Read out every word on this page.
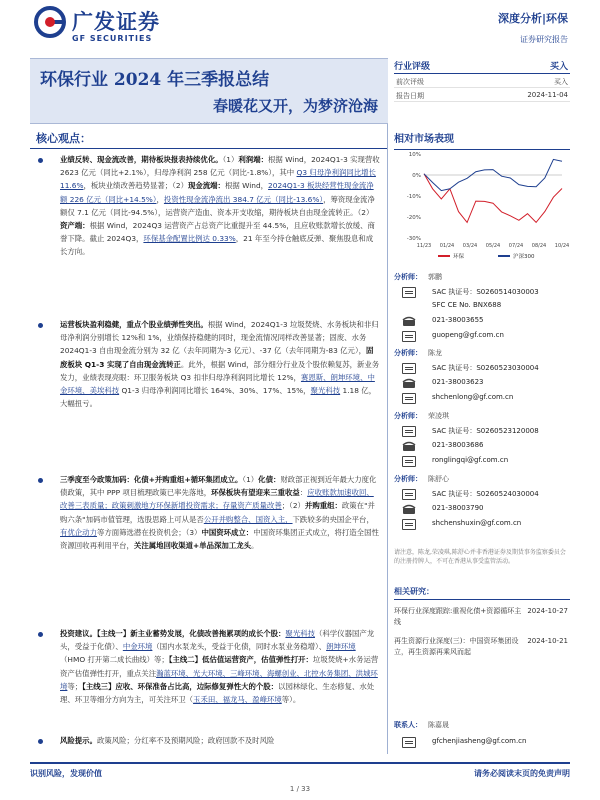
广发证券
GF SECURITIES
深度分析|环保
证券研究报告
环保行业 2024 年三季报总结
春暖花又开，为梦济沧海
行业评级	买入
前次评级	买入
报告日期	2024-11-04
核心观点：
业绩反转、现金流改善，期待板块报表持续优化。（1）利润端：根据 Wind，2024Q1-3 实现营收 2623 亿元（同比+2.1%），归母净利润 258 亿元（同比-1.8%），其中 Q3 归母净利润同比增长 11.6%，板块业绩改善趋势显著；（2）现金流端：根据 Wind，2024Q1-3 板块经营性现金流净额 226 亿元（同比+14.5%），投资性现金流净流出 384.7 亿元（同比-13.6%），筹资现金流净额仅 7.1 亿元（同比-94.5%），运营资产造血、资本开支收缩，期待板块自由现金流转正。（2）资产端：根据 Wind，2024Q3 运营资产占总资产比重提升至 44.5%，且应收账款增长放缓、商誉下降。截止 2024Q3，环保基金配置比例达 0.33%，21 年至今持仓触底反弹、聚焦股息和成长方向。
运营板块盈利稳健，重点个股业绩弹性突出。根据 Wind，2024Q1-3 垃圾焚烧、水务板块和非归母净利润分别增长 12%和 1%，业绩保持稳健的同时，现金流情况同样改善显著；固废、水务 2024Q1-3 自由现金流分别为 32 亿（去年同期为-3 亿元）、-37 亿（去年同期为-83 亿元），固废板块 Q1-3 实现了自由现金流转正。此外，根据 Wind，部分细分行业及个股依赖复苏，新业务发力，业绩表现亮眼：环卫服务板块 Q3 扣非归母净利润同比增长 12%，赛恩斯、朗坤环境、中金环境、美埃科技 Q1-3 归母净利润同比增长 164%、30%、17%、15%，聚光科技 1.18 亿，大幅扭亏。
三季度至今政策加码：化债+并购重组+循环集团成立。（1）化债：财政部正视到近年最大力度化债政策，其中 PPP 项目梳理政策已率先落地，环保板块有望迎来三重收益：应收账款加速收回、改善三表质量；政策刺激地方环保新增投资需求；存量资产质量改善；（2）并购重组：政策在"并购六条"加码市值管理，选股思路上可从是否公开并购整合、国资入主，下跌较多的央国企平台，有优企动力等方面筛选潜在投资机会；（3）中国资环成立：中国资环集团正式成立，将打造全国性资源回收再利用平台，关注属地回收渠道+单品深加工龙头。
投资建议。【主线一】新主业蓄势发展，化债改善拖累项的成长个股：聚光科技（科学仪器国产龙头，受益于化债）、中金环境（国内水泵龙头，受益于化债，同时水泵业务稳增）、朗坤环境（HMO 打开第二成长曲线）等；【主线二】低估值运营资产，估值弹性打开：垃圾焚烧+水务运营资产估值弹性打开，重点关注瀚蓝环境、光大环境、三峰环境、海螺创业、北控水务集团、洪城环境等；【主线三】应收、环保准备占比高，边际修复弹性大的个股：以园林绿化、生态修复、水处理、环卫等细分方向为主，可关注环卫（玉禾田、福龙马、盈峰环境等）。
风险提示。政策风险；分红率不及预期风险；政府回款不及时风险
相对市场表现
10%
0%
-10%
-20%
-30%
11/23 01/24 03/24 05/24 07/24 08/24 10/24
环保	沪深300
分析师： 郭鹏
SAC 执证号：S0260514030003
SFC CE No. BNX688
021-38003655
guopeng@gf.com.cn
分析师： 陈龙
SAC 执证号：S0260523030004
021-38003623
shchenlong@gf.com.cn
分析师： 荣凌琪
SAC 执证号：S0260523120008
021-38003686
ronglingqi@gf.com.cn
分析师： 陈舒心
SAC 执证号：S0260524030004
021-38003790
shchenshuxin@gf.com.cn
请注意，陈龙,荣凌琪,陈舒心并非香港证券及期货事务监察委员会的注册持牌人，不可在香港从事受监管活动。
相关研究：
环保行业深度跟踪:重视化债+资源循环主线
2024-10-27
再生资源行业深度(三)：中国资环集团设立，再生资源再乘风而起
2024-10-21
联系人： 陈嘉晟
gfchenjiasheng@gf.com.cn
识别风险，发现价值	请务必阅读末页的免责声明
1 / 33
